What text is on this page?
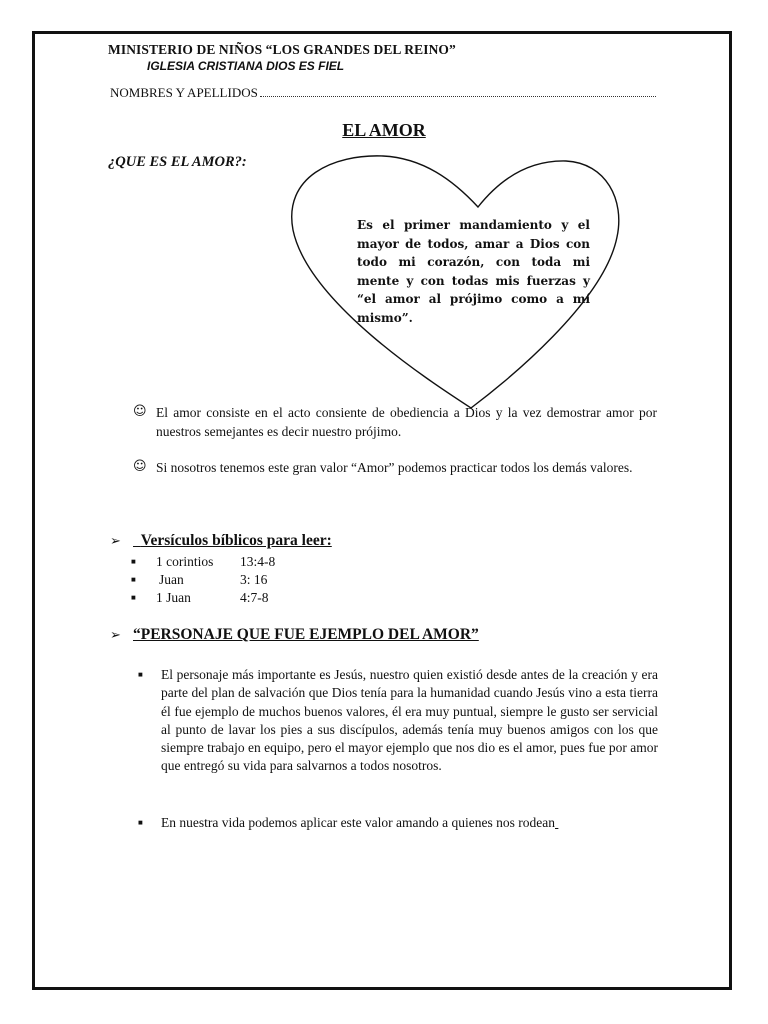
MINISTERIO DE NIÑOS “LOS GRANDES DEL REINO”
IGLESIA CRISTIANA DIOS ES FIEL
NOMBRES Y APELLIDOS
EL AMOR
¿QUE ES EL AMOR?:
Es el primer mandamiento y el mayor de todos, amar a Dios con todo mi corazón, con toda mi mente y con todas mis fuerzas y “el amor al prójimo como a mí mismo”.
☺ El amor consiste en el acto consiente de obediencia a Dios y la vez demostrar amor por nuestros semejantes es decir nuestro prójimo.
☺ Si nosotros tenemos este gran valor “Amor” podemos practicar todos los demás valores.
➢	Versículos bíblicos para leer:
■	1 corintios	13:4-8
■	Juan	3: 16
■	1 Juan	4:7-8
➢ “PERSONAJE QUE FUE EJEMPLO DEL AMOR”
■ El personaje más importante es Jesús, nuestro quien existió desde antes de la creación y era parte del plan de salvación que Dios tenía para la humanidad cuando Jesús vino a esta tierra él fue ejemplo de muchos buenos valores, él era muy puntual, siempre le gusto ser servicial al punto de lavar los pies a sus discípulos, además tenía muy buenos amigos con los que siempre trabajo en equipo, pero el mayor ejemplo que nos dio es el amor, pues fue por amor que entregó su vida para salvarnos a todos nosotros.
■ En nuestra vida podemos aplicar este valor amando a quienes nos rodean
